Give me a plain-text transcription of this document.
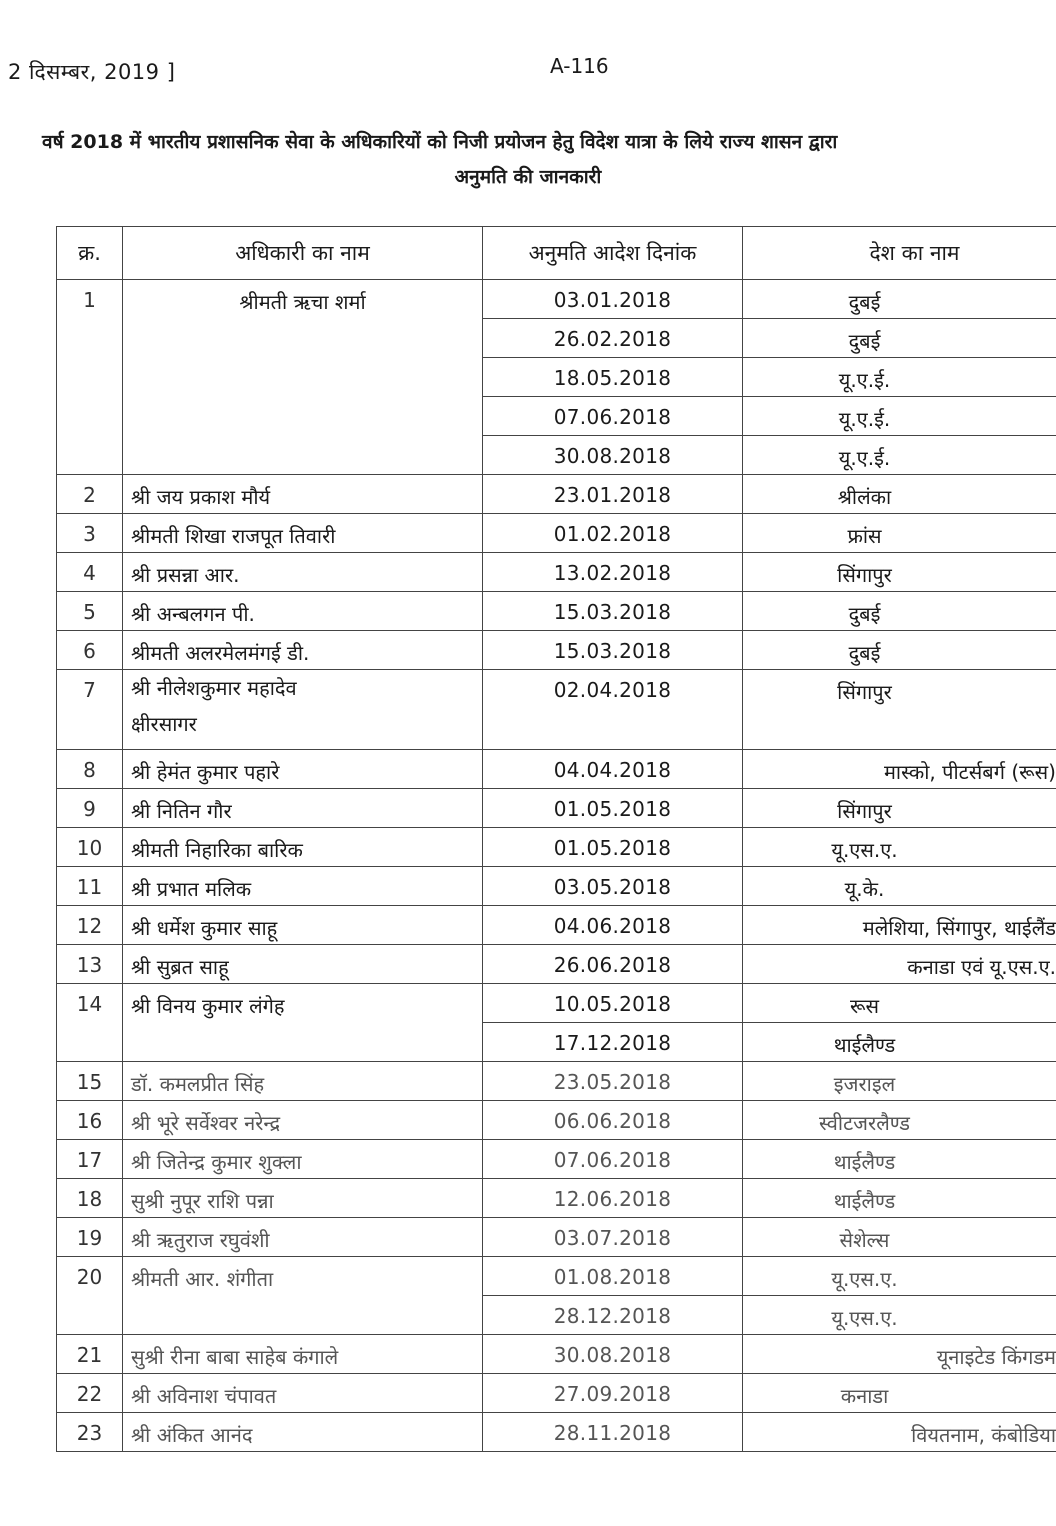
2 दिसम्बर, 2019 ]	A-116
वर्ष 2018 में भारतीय प्रशासनिक सेवा के अधिकारियों को निजी प्रयोजन हेतु विदेश यात्रा के लिये राज्य शासन द्वारा
अनुमति की जानकारी
क्र.	अधिकारी का नाम	अनुमति आदेश दिनांक	देश का नाम
1	श्रीमती ऋचा शर्मा	03.01.2018	दुबई
		26.02.2018	दुबई
		18.05.2018	यू.ए.ई.
		07.06.2018	यू.ए.ई.
		30.08.2018	यू.ए.ई.
2	श्री जय प्रकाश मौर्य	23.01.2018	श्रीलंका
3	श्रीमती शिखा राजपूत तिवारी	01.02.2018	फ्रांस
4	श्री प्रसन्ना आर.	13.02.2018	सिंगापुर
5	श्री अन्बलगन पी.	15.03.2018	दुबई
6	श्रीमती अलरमेलमंगई डी.	15.03.2018	दुबई
7	श्री नीलेशकुमार महादेव
क्षीरसागर	02.04.2018	सिंगापुर
8	श्री हेमंत कुमार पहारे	04.04.2018	मास्को, पीटर्सबर्ग (रूस)
9	श्री नितिन गौर	01.05.2018	सिंगापुर
10	श्रीमती निहारिका बारिक	01.05.2018	यू.एस.ए.
11	श्री प्रभात मलिक	03.05.2018	यू.के.
12	श्री धर्मेश कुमार साहू	04.06.2018	मलेशिया, सिंगापुर, थाईलैंड
13	श्री सुब्रत साहू	26.06.2018	कनाडा एवं यू.एस.ए.
14	श्री विनय कुमार लंगेह	10.05.2018	रूस
		17.12.2018	थाईलैण्ड
15	डॉ. कमलप्रीत सिंह	23.05.2018	इजराइल
16	श्री भूरे सर्वेश्वर नरेन्द्र	06.06.2018	स्वीटजरलैण्ड
17	श्री जितेन्द्र कुमार शुक्ला	07.06.2018	थाईलैण्ड
18	सुश्री नुपूर राशि पन्ना	12.06.2018	थाईलैण्ड
19	श्री ऋतुराज रघुवंशी	03.07.2018	सेशेल्स
20	श्रीमती आर. शंगीता	01.08.2018	यू.एस.ए.
		28.12.2018	यू.एस.ए.
21	सुश्री रीना बाबा साहेब कंगाले	30.08.2018	यूनाइटेड किंगडम
22	श्री अविनाश चंपावत	27.09.2018	कनाडा
23	श्री अंकित आनंद	28.11.2018	वियतनाम, कंबोडिया
